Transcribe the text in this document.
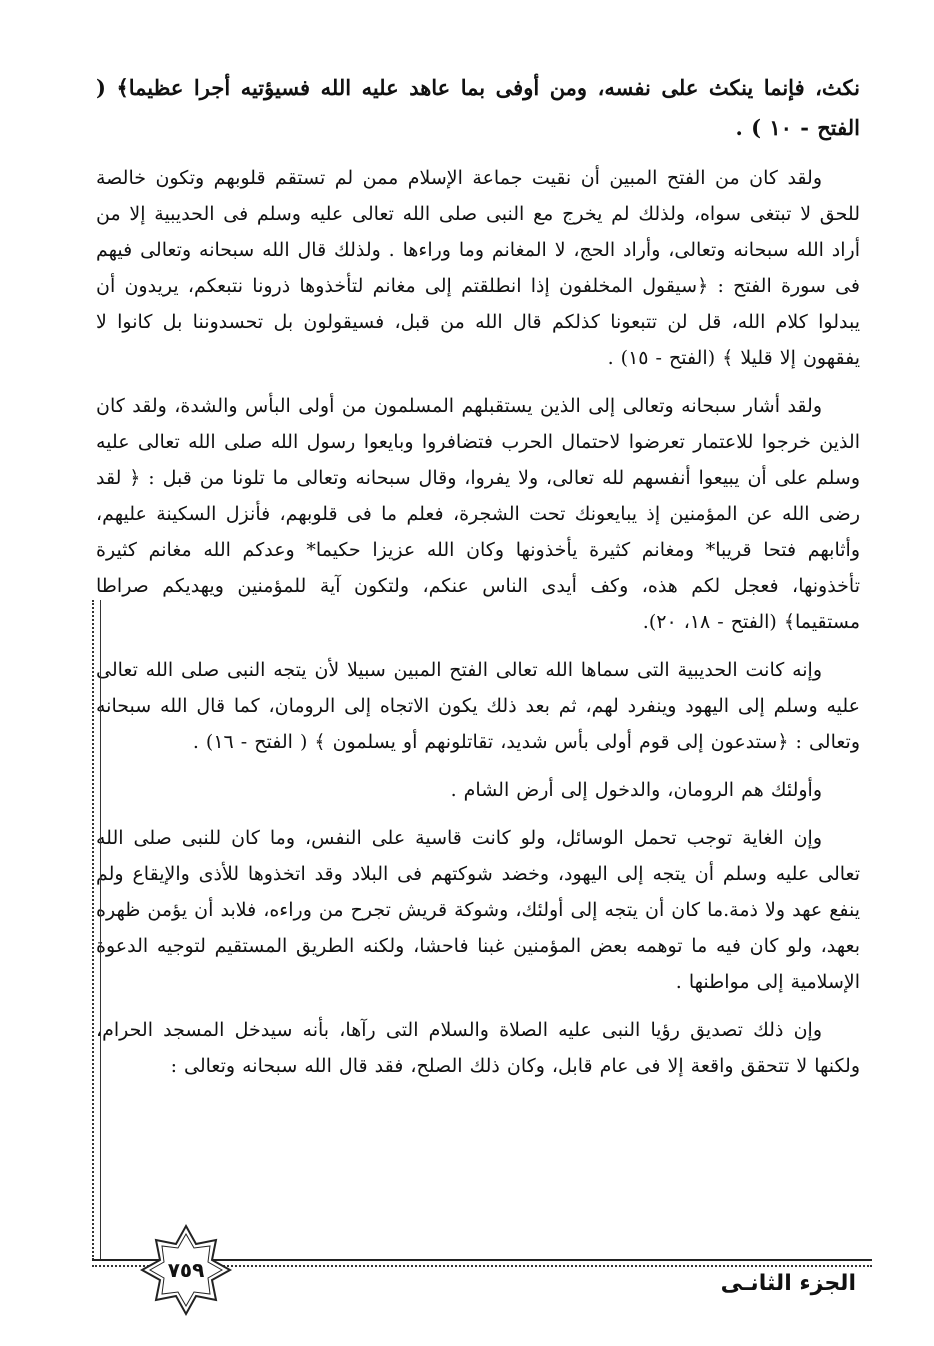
نكث، فإنما ينكث على نفسه، ومن أوفى بما عاهد عليه الله فسيؤتيه أجرا عظيما﴾ ( الفتح - ١٠ ) .

ولقد كان من الفتح المبين أن نقيت جماعة الإسلام ممن لم تستقم قلوبهم وتكون خالصة للحق لا تبتغى سواه، ولذلك لم يخرج مع النبى صلى الله تعالى عليه وسلم فى الحديبية إلا من أراد الله سبحانه وتعالى، وأراد الحج، لا المغانم وما وراءها . ولذلك قال الله سبحانه وتعالى فيهم فى سورة الفتح : ﴿سيقول المخلفون إذا انطلقتم إلى مغانم لتأخذوها ذرونا نتبعكم، يريدون أن يبدلوا كلام الله، قل لن تتبعونا كذلكم قال الله من قبل، فسيقولون بل تحسدوننا بل كانوا لا يفقهون إلا قليلا ﴾ (الفتح - ١٥) .

ولقد أشار سبحانه وتعالى إلى الذين يستقبلهم المسلمون من أولى البأس والشدة، ولقد كان الذين خرجوا للاعتمار تعرضوا لاحتمال الحرب فتضافروا وبايعوا رسول الله صلى الله تعالى عليه وسلم على أن يبيعوا أنفسهم لله تعالى، ولا يفروا، وقال سبحانه وتعالى ما تلونا من قبل : ﴿ لقد رضى الله عن المؤمنين إذ يبايعونك تحت الشجرة، فعلم ما فى قلوبهم، فأنزل السكينة عليهم، وأثابهم فتحا قريبا* ومغانم كثيرة يأخذونها وكان الله عزيزا حكيما* وعدكم الله مغانم كثيرة تأخذونها، فعجل لكم هذه، وكف أيدى الناس عنكم، ولتكون آية للمؤمنين ويهديكم صراطا مستقيما﴾ (الفتح - ١٨، ٢٠).

وإنه كانت الحديبية التى سماها الله تعالى الفتح المبين سبيلا لأن يتجه النبى صلى الله تعالى عليه وسلم إلى اليهود وينفرد لهم، ثم بعد ذلك يكون الاتجاه إلى الرومان، كما قال الله سبحانه وتعالى : ﴿ستدعون إلى قوم أولى بأس شديد، تقاتلونهم أو يسلمون ﴾ ( الفتح - ١٦) .

وأولئك هم الرومان، والدخول إلى أرض الشام .

وإن الغاية توجب تحمل الوسائل، ولو كانت قاسية على النفس، وما كان للنبى صلى الله تعالى عليه وسلم أن يتجه إلى اليهود، وخضد شوكتهم فى البلاد وقد اتخذوها للأذى والإيقاع ولم ينفع عهد ولا ذمة.ما كان أن يتجه إلى أولئك، وشوكة قريش تجرح من وراءه، فلابد أن يؤمن ظهره بعهد، ولو كان فيه ما توهمه بعض المؤمنين غبنا فاحشا، ولكنه الطريق المستقيم لتوجيه الدعوة الإسلامية إلى مواطنها .

وإن ذلك تصديق رؤيا النبى عليه الصلاة والسلام التى رآها، بأنه سيدخل المسجد الحرام، ولكنها لا تتحقق واقعة إلا فى عام قابل، وكان ذلك الصلح، فقد قال الله سبحانه وتعالى :

الجزء الثانـى
٧٥٩
